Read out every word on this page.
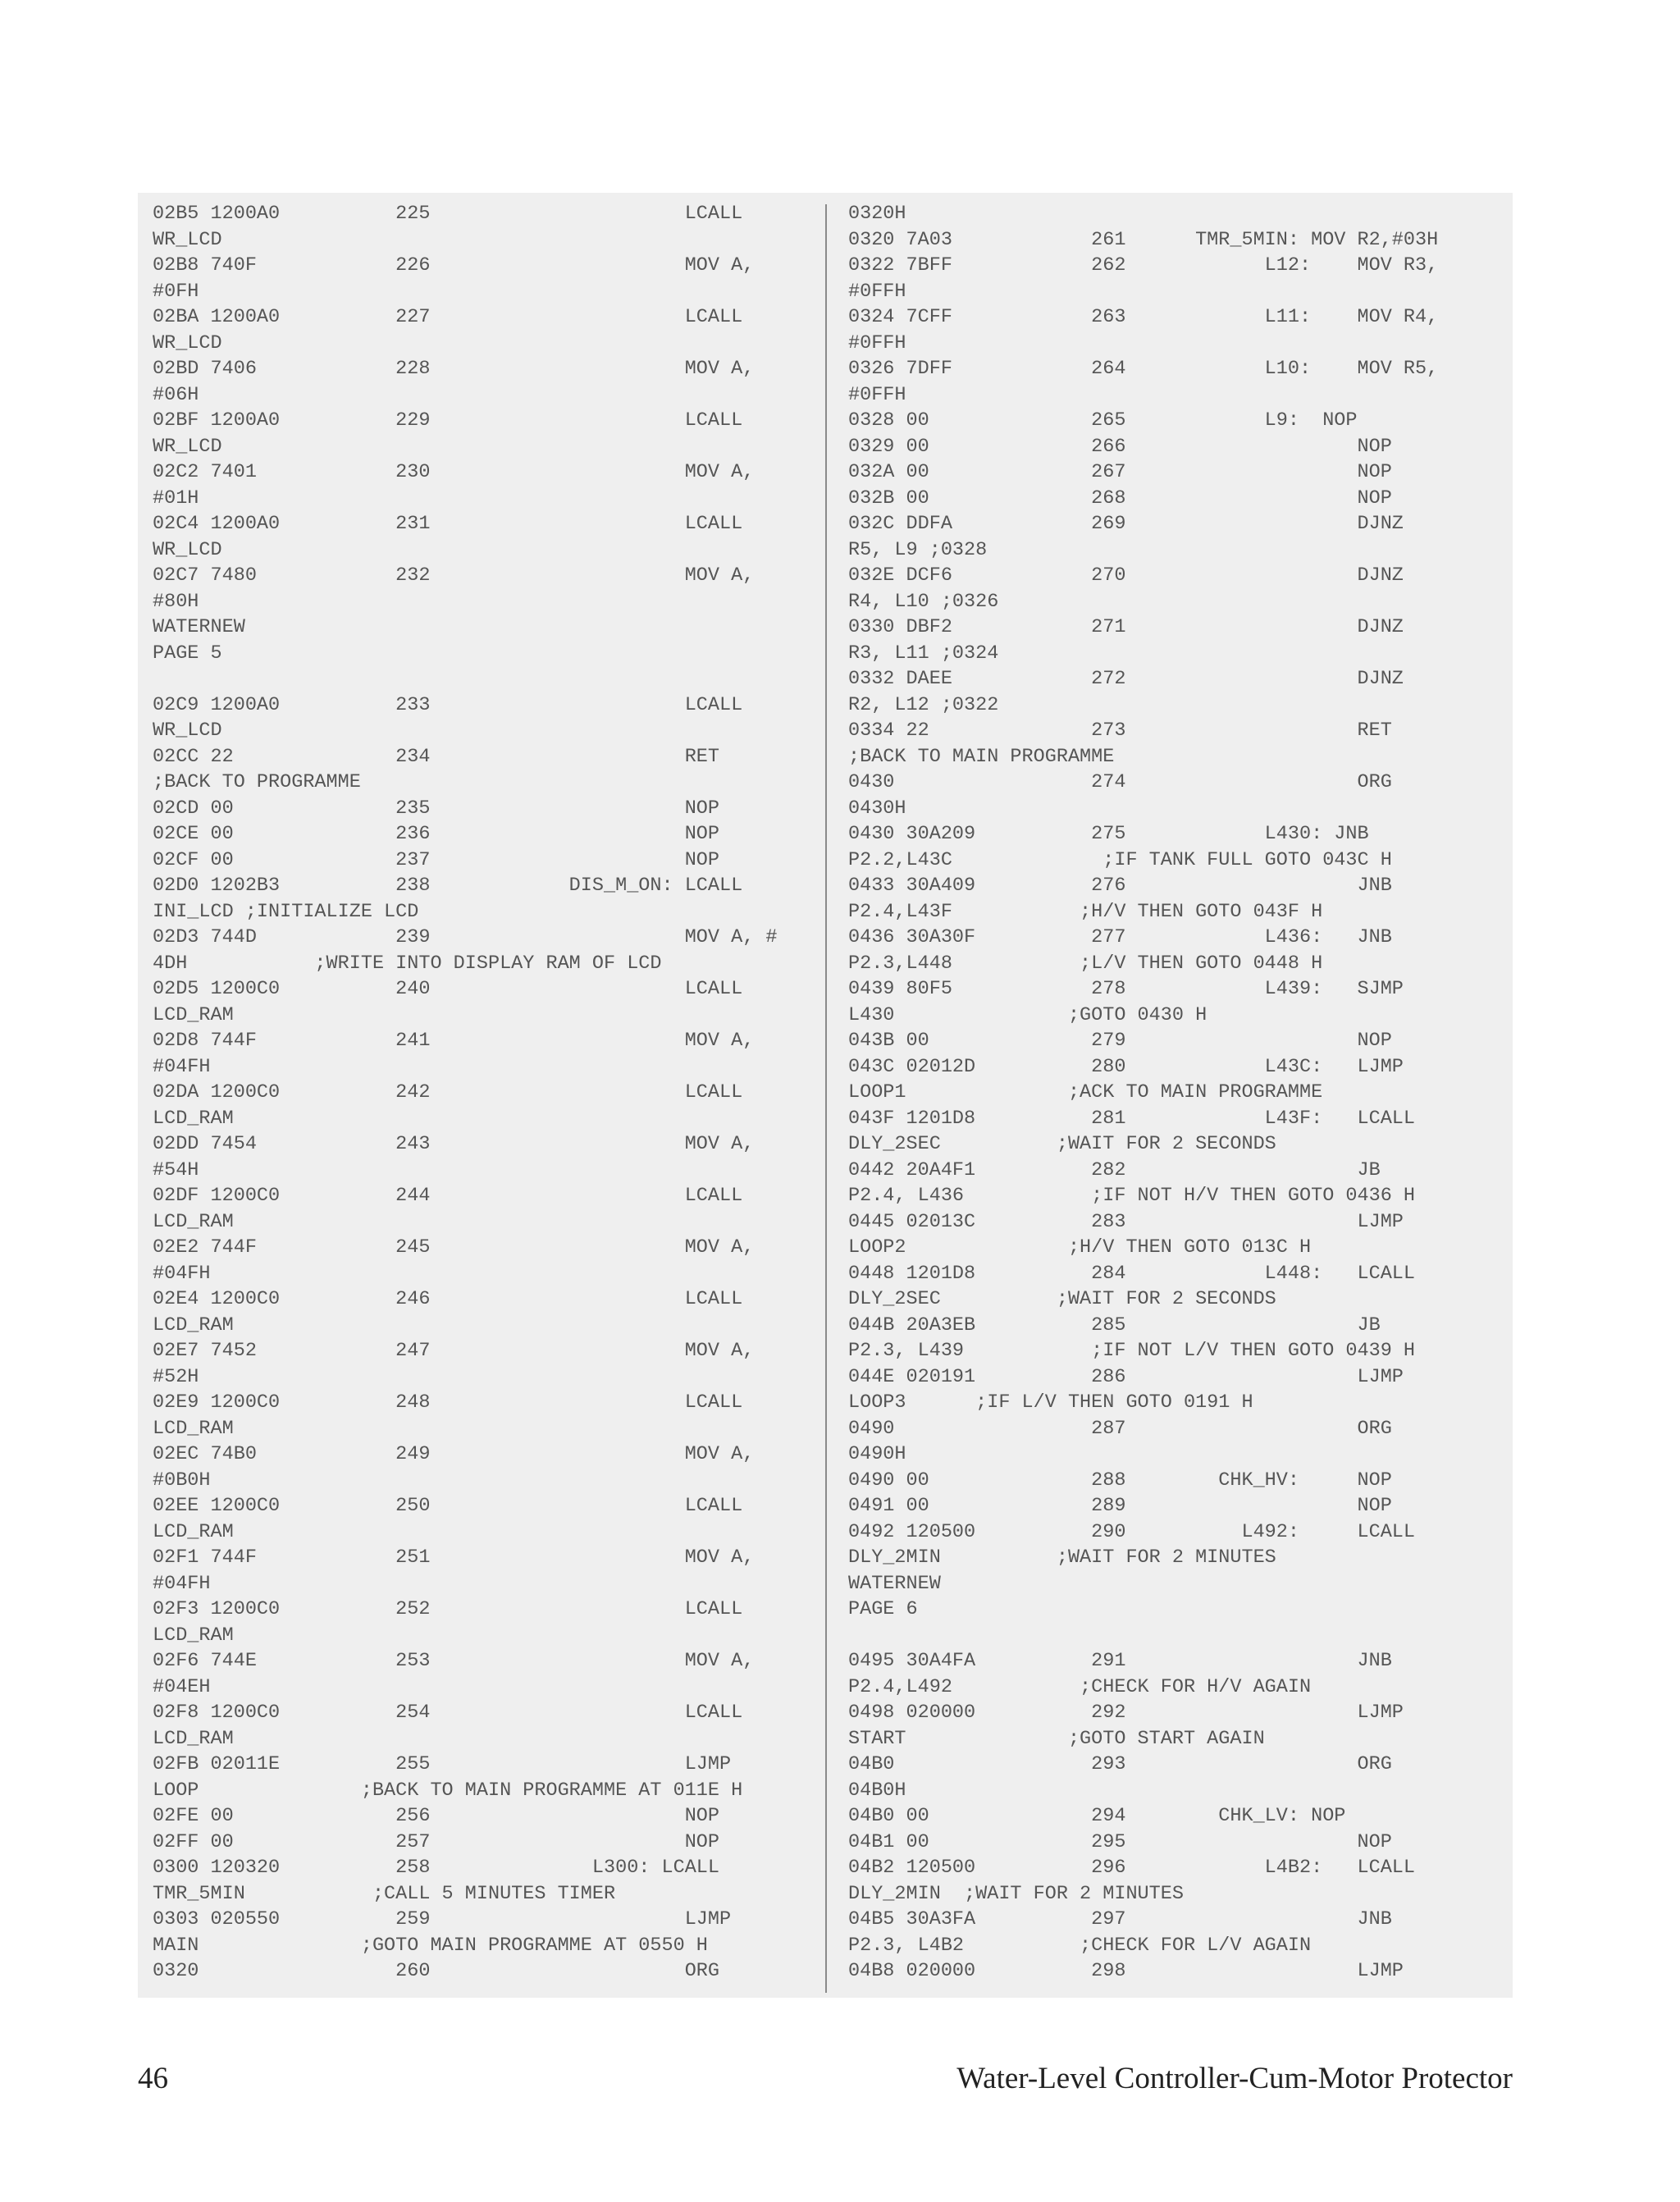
02B5 1200A0          225                      LCALL
WR_LCD
02B8 740F            226                      MOV A,
#0FH
02BA 1200A0          227                      LCALL
WR_LCD
02BD 7406            228                      MOV A,
#06H
02BF 1200A0          229                      LCALL
WR_LCD
02C2 7401            230                      MOV A,
#01H
02C4 1200A0          231                      LCALL
WR_LCD
02C7 7480            232                      MOV A,
#80H
WATERNEW
PAGE 5
02C9 1200A0          233                      LCALL
WR_LCD
02CC 22              234                      RET
;BACK TO PROGRAMME
02CD 00              235                      NOP
02CE 00              236                      NOP
02CF 00              237                      NOP
02D0 1202B3          238            DIS_M_ON: LCALL
INI_LCD ;INITIALIZE LCD
02D3 744D            239                      MOV A, #
4DH           ;WRITE INTO DISPLAY RAM OF LCD
02D5 1200C0          240                      LCALL
LCD_RAM
02D8 744F            241                      MOV A,
#04FH
02DA 1200C0          242                      LCALL
LCD_RAM
02DD 7454            243                      MOV A,
#54H
02DF 1200C0          244                      LCALL
LCD_RAM
02E2 744F            245                      MOV A,
#04FH
02E4 1200C0          246                      LCALL
LCD_RAM
02E7 7452            247                      MOV A,
#52H
02E9 1200C0          248                      LCALL
LCD_RAM
02EC 74B0            249                      MOV A,
#0B0H
02EE 1200C0          250                      LCALL
LCD_RAM
02F1 744F            251                      MOV A,
#04FH
02F3 1200C0          252                      LCALL
LCD_RAM
02F6 744E            253                      MOV A,
#04EH
02F8 1200C0          254                      LCALL
LCD_RAM
02FB 02011E          255                      LJMP
LOOP              ;BACK TO MAIN PROGRAMME AT 011E H
02FE 00              256                      NOP
02FF 00              257                      NOP
0300 120320          258              L300: LCALL
TMR_5MIN           ;CALL 5 MINUTES TIMER
0303 020550          259                      LJMP
MAIN              ;GOTO MAIN PROGRAMME AT 0550 H
0320                 260                      ORG
0320H
0320 7A03            261      TMR_5MIN: MOV R2,#03H
0322 7BFF            262            L12:    MOV R3,
#0FFH
0324 7CFF            263            L11:    MOV R4,
#0FFH
0326 7DFF            264            L10:    MOV R5,
#0FFH
0328 00              265            L9:  NOP
0329 00              266                    NOP
032A 00              267                    NOP
032B 00              268                    NOP
032C DDFA            269                    DJNZ
R5, L9 ;0328
032E DCF6            270                    DJNZ
R4, L10 ;0326
0330 DBF2            271                    DJNZ
R3, L11 ;0324
0332 DAEE            272                    DJNZ
R2, L12 ;0322
0334 22              273                    RET
;BACK TO MAIN PROGRAMME
0430                 274                    ORG
0430H
0430 30A209          275            L430: JNB
P2.2,L43C             ;IF TANK FULL GOTO 043C H
0433 30A409          276                    JNB
P2.4,L43F           ;H/V THEN GOTO 043F H
0436 30A30F          277            L436:   JNB
P2.3,L448           ;L/V THEN GOTO 0448 H
0439 80F5            278            L439:   SJMP
L430               ;GOTO 0430 H
043B 00              279                    NOP
043C 02012D          280            L43C:   LJMP
LOOP1              ;ACK TO MAIN PROGRAMME
043F 1201D8          281            L43F:   LCALL
DLY_2SEC          ;WAIT FOR 2 SECONDS
0442 20A4F1          282                    JB
P2.4, L436           ;IF NOT H/V THEN GOTO 0436 H
0445 02013C          283                    LJMP
LOOP2              ;H/V THEN GOTO 013C H
0448 1201D8          284            L448:   LCALL
DLY_2SEC          ;WAIT FOR 2 SECONDS
044B 20A3EB          285                    JB
P2.3, L439           ;IF NOT L/V THEN GOTO 0439 H
044E 020191          286                    LJMP
LOOP3      ;IF L/V THEN GOTO 0191 H
0490                 287                    ORG
0490H
0490 00              288        CHK_HV:     NOP
0491 00              289                    NOP
0492 120500          290          L492:     LCALL
DLY_2MIN          ;WAIT FOR 2 MINUTES
WATERNEW
PAGE 6
0495 30A4FA          291                    JNB
P2.4,L492           ;CHECK FOR H/V AGAIN
0498 020000          292                    LJMP
START              ;GOTO START AGAIN
04B0                 293                    ORG
04B0H
04B0 00              294        CHK_LV: NOP
04B1 00              295                    NOP
04B2 120500          296            L4B2:   LCALL
DLY_2MIN  ;WAIT FOR 2 MINUTES
04B5 30A3FA          297                    JNB
P2.3, L4B2          ;CHECK FOR L/V AGAIN
04B8 020000          298                    LJMP
46	Water-Level Controller-Cum-Motor Protector
